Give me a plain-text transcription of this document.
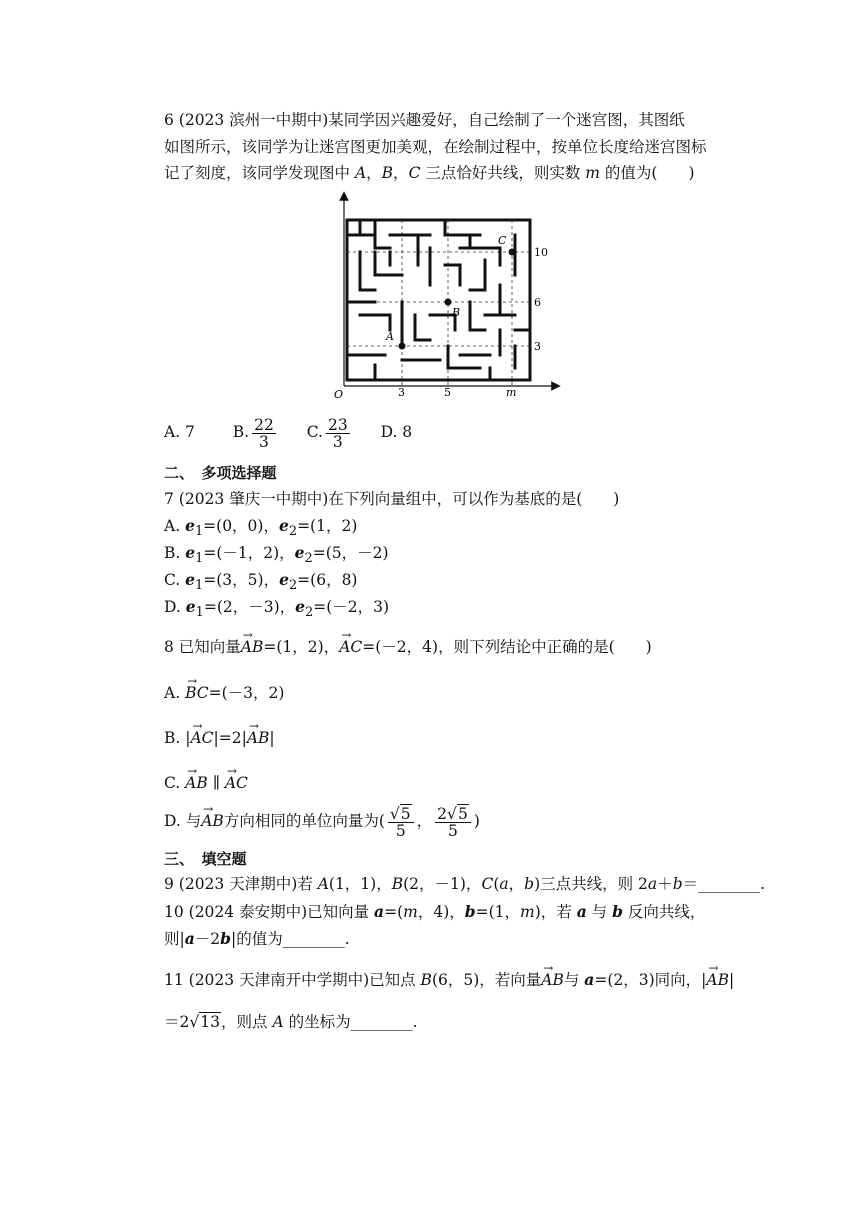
6 (2023 滨州一中期中)某同学因兴趣爱好，自己绘制了一个迷宫图，其图纸
如图所示，该同学为让迷宫图更加美观，在绘制过程中，按单位长度给迷宫图标
记了刻度，该同学发现图中 A，B，C 三点恰好共线，则实数 m 的值为(　　)
A
B
C
O	3	5	m
3
6
10
A. 7 B. $\frac{22}{3} C$. $\frac{23}{3} D$. 8
二、　多项选择题
7 (2023 肇庆一中期中)在下列向量组中，可以作为基底的是(　　)
A. $e_1=(0$，0)，$e_2=(1$，2)
B. $e_1=(-1$，2)，$e_2=(5$，－2)
C. $e_1=(3$，5)，$e_2=(6$，8)
D. $e_1=(2$，－3)，$e_2=(-2$，3)
8 已知向量→ AB=(1，2)，→ AC=(－2，4)，则下列结论中正确的是(　　)
A. → BC=(－3，2)
B. |→ AC|=2|→ AB|
C. → AB ∥ → AC
D. 与→ AB方向相同的单位向量为( $\frac{√5}{5}$ ， $\frac{2√5}{5}$ )
三、　填空题
9 (2023 天津期中)若 A(1，1)，B(2，－1)，C(a，b)三点共线，则 2a＋b＝________.
10 (2024 泰安期中)已知向量 a=(m，4)，b=(1，m)，若 a 与 b 反向共线，
则|a－2b|的值为________.
11 (2023 天津南开中学期中)已知点 B(6，5)，若向量→ AB与 a=(2，3)同向，|→ AB|
＝2√13，则点 A 的坐标为________.
